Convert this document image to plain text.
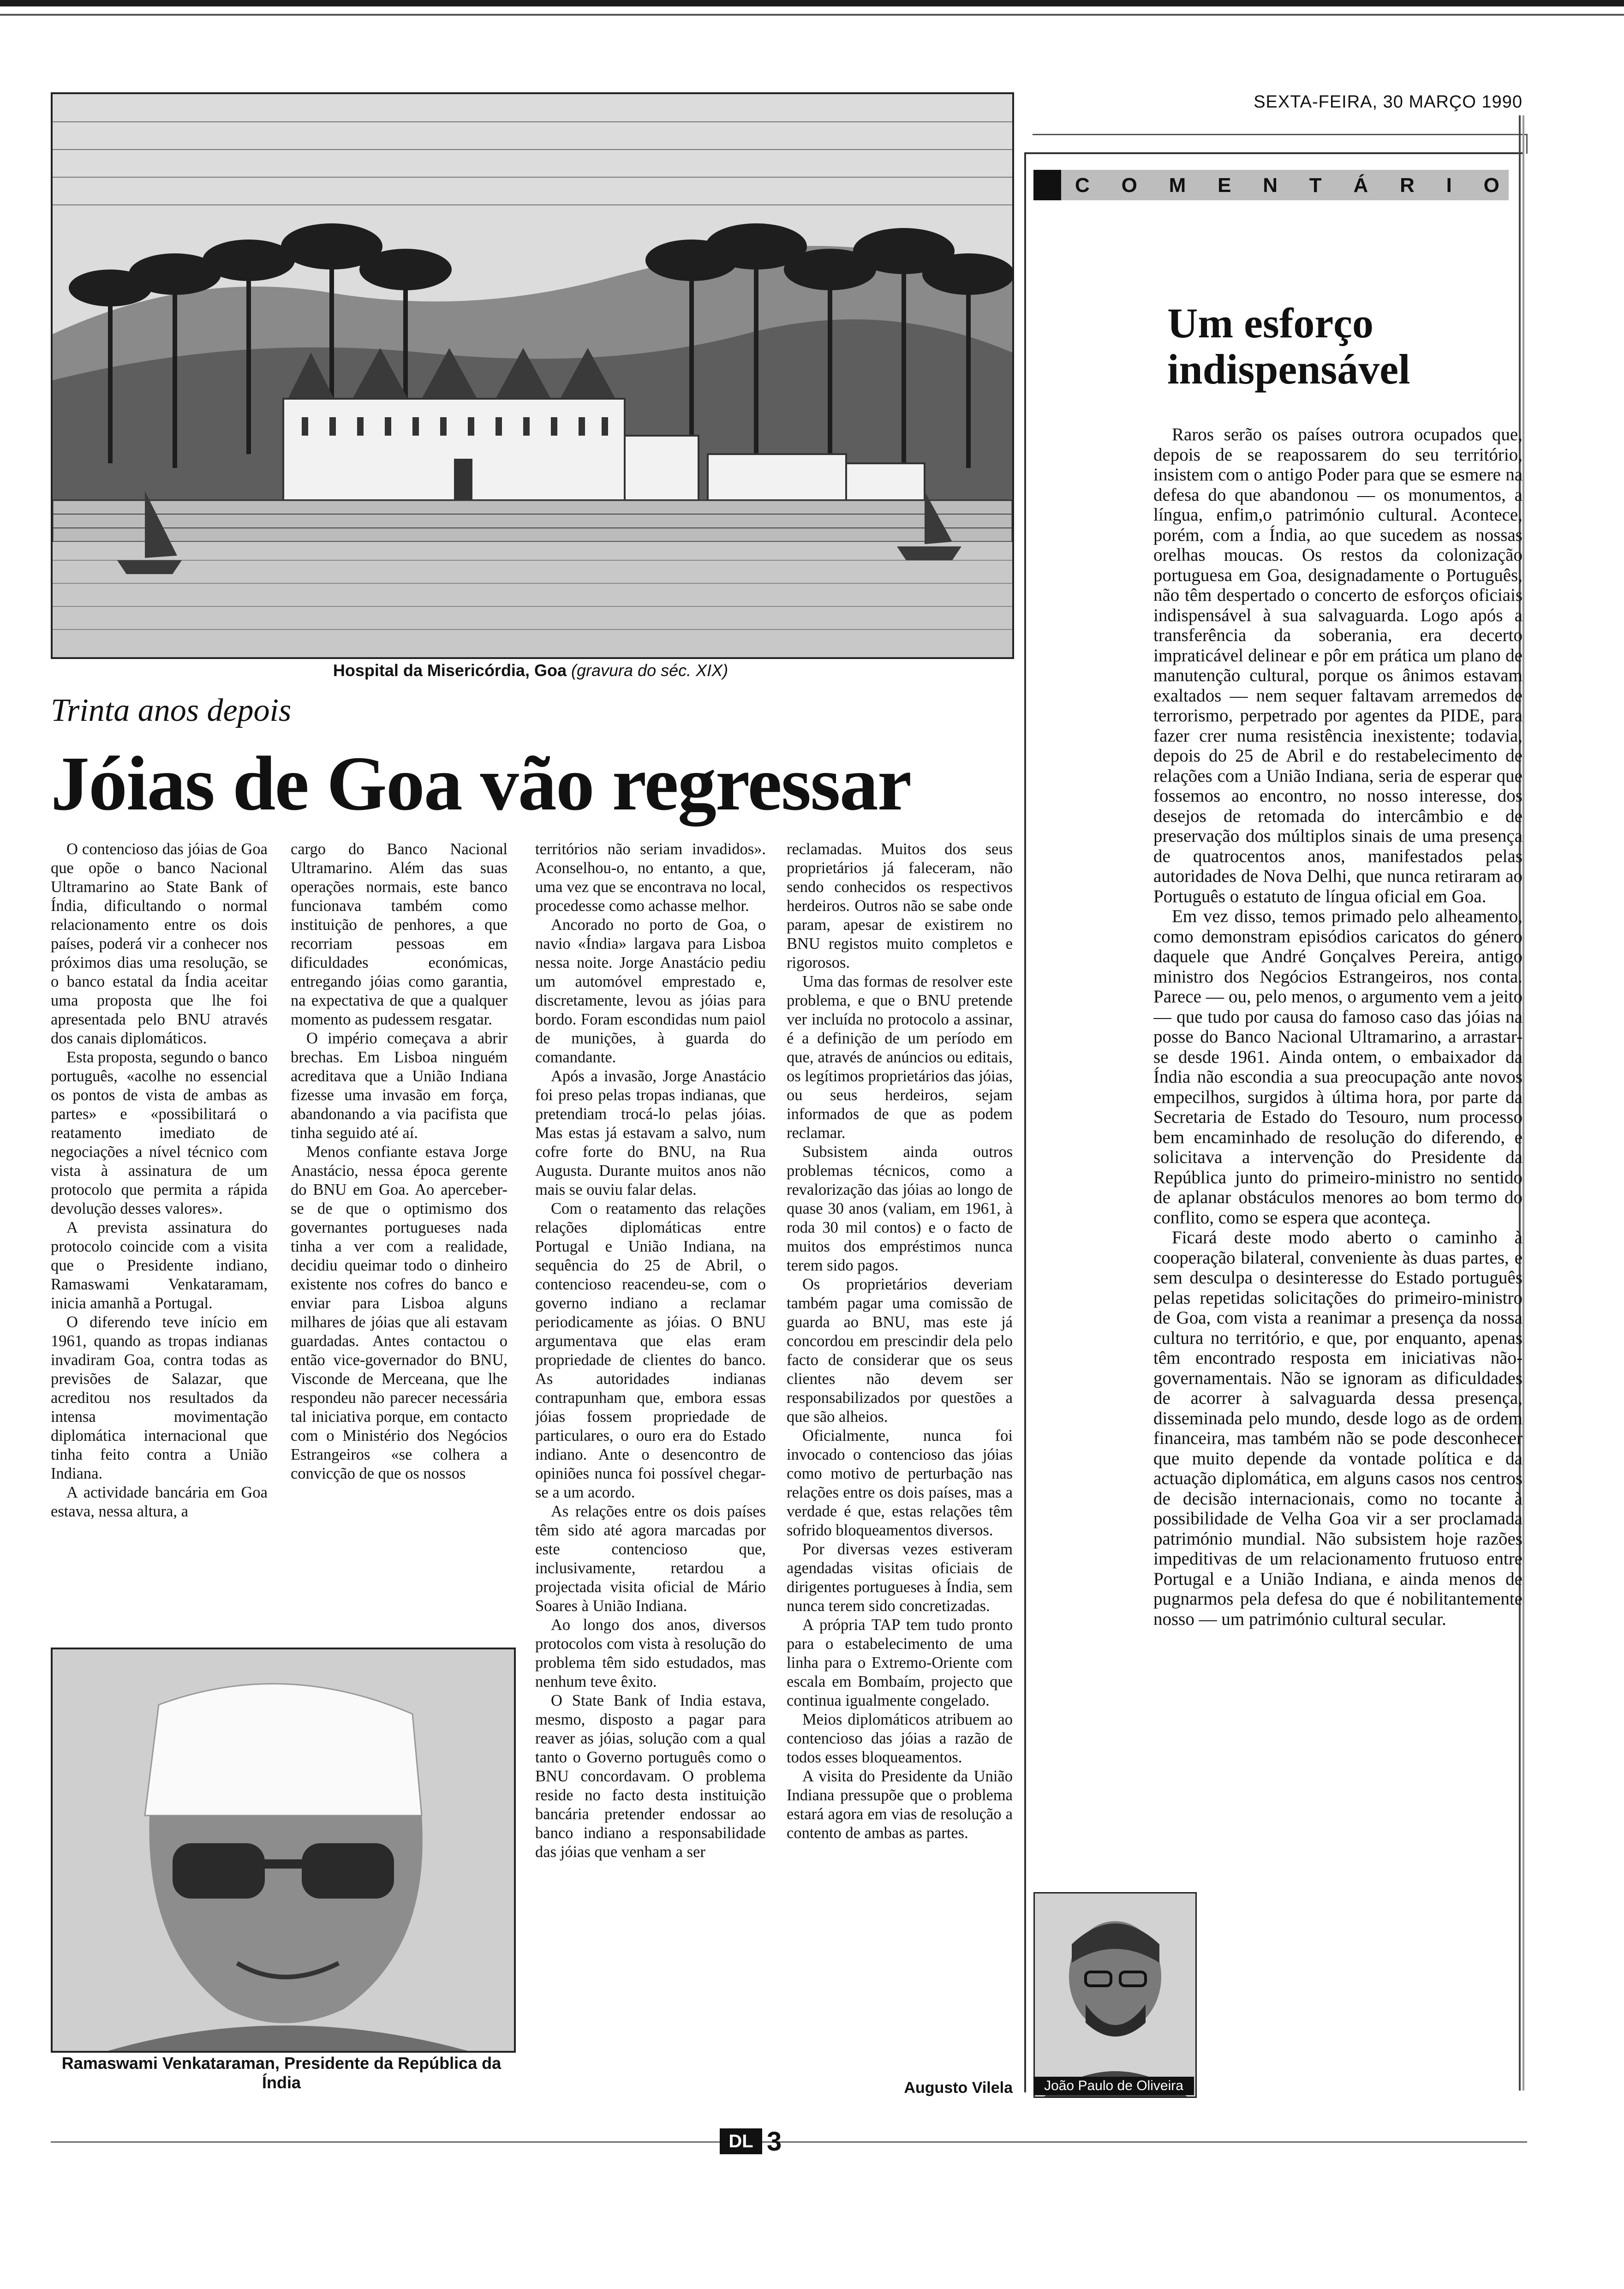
SEXTA-FEIRA, 30 MARÇO 1990
Hospital da Misericórdia, Goa (gravura do séc. XIX)
Trinta anos depois
Jóias de Goa vão regressar

O contencioso das jóias de Goa que opõe o banco Nacional Ultramarino ao State Bank of Índia, dificultando o normal relacionamento entre os dois países, poderá vir a conhecer nos próximos dias uma resolução, se o banco estatal da Índia aceitar uma proposta que lhe foi apresentada pelo BNU através dos canais diplomáticos.

Esta proposta, segundo o banco português, «acolhe no essencial os pontos de vista de ambas as partes» e «possibilitará o reatamento imediato de negociações a nível técnico com vista à assinatura de um protocolo que permita a rápida devolução desses valores».

A prevista assinatura do protocolo coincide com a visita que o Presidente indiano, Ramaswami Venkataramam, inicia amanhã a Portugal.

O diferendo teve início em 1961, quando as tropas indianas invadiram Goa, contra todas as previsões de Salazar, que acreditou nos resultados da intensa movimentação diplomática internacional que tinha feito contra a União Indiana.

A actividade bancária em Goa estava, nessa altura, a

cargo do Banco Nacional Ultramarino. Além das suas operações normais, este banco funcionava também como instituição de penhores, a que recorriam pessoas em dificuldades económicas, entregando jóias como garantia, na expectativa de que a qualquer momento as pudessem resgatar.

O império começava a abrir brechas. Em Lisboa ninguém acreditava que a União Indiana fizesse uma invasão em força, abandonando a via pacifista que tinha seguido até aí.

Menos confiante estava Jorge Anastácio, nessa época gerente do BNU em Goa. Ao aperceber-se de que o optimismo dos governantes portugueses nada tinha a ver com a realidade, decidiu queimar todo o dinheiro existente nos cofres do banco e enviar para Lisboa alguns milhares de jóias que ali estavam guardadas. Antes contactou o então vice-governador do BNU, Visconde de Merceana, que lhe respondeu não parecer necessária tal iniciativa porque, em contacto com o Ministério dos Negócios Estrangeiros «se colhera a convicção de que os nossos

territórios não seriam invadidos». Aconselhou-o, no entanto, a que, uma vez que se encontrava no local, procedesse como achasse melhor.

Ancorado no porto de Goa, o navio «Índia» largava para Lisboa nessa noite. Jorge Anastácio pediu um automóvel emprestado e, discretamente, levou as jóias para bordo. Foram escondidas num paiol de munições, à guarda do comandante.

Após a invasão, Jorge Anastácio foi preso pelas tropas indianas, que pretendiam trocá-lo pelas jóias. Mas estas já estavam a salvo, num cofre forte do BNU, na Rua Augusta. Durante muitos anos não mais se ouviu falar delas.

Com o reatamento das relações relações diplomáticas entre Portugal e União Indiana, na sequência do 25 de Abril, o contencioso reacendeu-se, com o governo indiano a reclamar periodicamente as jóias. O BNU argumentava que elas eram propriedade de clientes do banco. As autoridades indianas contrapunham que, embora essas jóias fossem propriedade de particulares, o ouro era do Estado indiano. Ante o desencontro de opiniões nunca foi possível chegar-se a um acordo.

As relações entre os dois países têm sido até agora marcadas por este contencioso que, inclusivamente, retardou a projectada visita oficial de Mário Soares à União Indiana.

Ao longo dos anos, diversos protocolos com vista à resolução do problema têm sido estudados, mas nenhum teve êxito.

O State Bank of India estava, mesmo, disposto a pagar para reaver as jóias, solução com a qual tanto o Governo português como o BNU concordavam. O problema reside no facto desta instituição bancária pretender endossar ao banco indiano a responsabilidade das jóias que venham a ser

reclamadas. Muitos dos seus proprietários já faleceram, não sendo conhecidos os respectivos herdeiros. Outros não se sabe onde param, apesar de existirem no BNU registos muito completos e rigorosos.

Uma das formas de resolver este problema, e que o BNU pretende ver incluída no protocolo a assinar, é a definição de um período em que, através de anúncios ou editais, os legítimos proprietários das jóias, ou seus herdeiros, sejam informados de que as podem reclamar.

Subsistem ainda outros problemas técnicos, como a revalorização das jóias ao longo de quase 30 anos (valiam, em 1961, à roda 30 mil contos) e o facto de muitos dos empréstimos nunca terem sido pagos.

Os proprietários deveriam também pagar uma comissão de guarda ao BNU, mas este já concordou em prescindir dela pelo facto de considerar que os seus clientes não devem ser responsabilizados por questões a que são alheios.

Oficialmente, nunca foi invocado o contencioso das jóias como motivo de perturbação nas relações entre os dois países, mas a verdade é que, estas relações têm sofrido bloqueamentos diversos.

Por diversas vezes estiveram agendadas visitas oficiais de dirigentes portugueses à Índia, sem nunca terem sido concretizadas.

A própria TAP tem tudo pronto para o estabelecimento de uma linha para o Extremo-Oriente com escala em Bombaím, projecto que continua igualmente congelado.

Meios diplomáticos atribuem ao contencioso das jóias a razão de todos esses bloqueamentos.

A visita do Presidente da União Indiana pressupõe que o problema estará agora em vias de resolução a contento de ambas as partes.

Augusto Vilela
Ramaswami Venkataraman, Presidente da República da Índia
C O M E N T Á R I O
Um esforço indispensável

Raros serão os países outrora ocupados que, depois de se reapossarem do seu território, insistem com o antigo Poder para que se esmere na defesa do que abandonou — os monumentos, a língua, enfim,o património cultural. Acontece, porém, com a Índia, ao que sucedem as nossas orelhas moucas. Os restos da colonização portuguesa em Goa, designadamente o Português, não têm despertado o concerto de esforços oficiais indispensável à sua salvaguarda. Logo após a transferência da soberania, era decerto impraticável delinear e pôr em prática um plano de manutenção cultural, porque os ânimos estavam exaltados — nem sequer faltavam arremedos de terrorismo, perpetrado por agentes da PIDE, para fazer crer numa resistência inexistente; todavia, depois do 25 de Abril e do restabelecimento de relações com a União Indiana, seria de esperar que fossemos ao encontro, no nosso interesse, dos desejos de retomada do intercâmbio e de preservação dos múltiplos sinais de uma presença de quatrocentos anos, manifestados pelas autoridades de Nova Delhi, que nunca retiraram ao Português o estatuto de língua oficial em Goa.

Em vez disso, temos primado pelo alheamento, como demonstram episódios caricatos do género daquele que André Gonçalves Pereira, antigo ministro dos Negócios Estrangeiros, nos conta. Parece — ou, pelo menos, o argumento vem a jeito — que tudo por causa do famoso caso das jóias na posse do Banco Nacional Ultramarino, a arrastar-se desde 1961. Ainda ontem, o embaixador da Índia não escondia a sua preocupação ante novos empecilhos, surgidos à última hora, por parte da Secretaria de Estado do Tesouro, num processo bem encaminhado de resolução do diferendo, e solicitava a intervenção do Presidente da República junto do primeiro-ministro no sentido de aplanar obstáculos menores ao bom termo do conflito, como se espera que aconteça.

Ficará deste modo aberto o caminho à cooperação bilateral, conveniente às duas partes, e sem desculpa o desinteresse do Estado português pelas repetidas solicitações do primeiro-ministro de Goa, com vista a reanimar a presença da nossa cultura no território, e que, por enquanto, apenas têm encontrado resposta em iniciativas não-governamentais. Não se ignoram as dificuldades de acorrer à salvaguarda dessa presença, disseminada pelo mundo, desde logo as de ordem financeira, mas também não se pode desconhecer que muito depende da vontade política e da actuação diplomática, em alguns casos nos centros de decisão internacionais, como no tocante à possibilidade de Velha Goa vir a ser proclamada património mundial. Não subsistem hoje razões impeditivas de um relacionamento frutuoso entre Portugal e a União Indiana, e ainda menos de pugnarmos pela defesa do que é nobilitantemente nosso — um património cultural secular.

João Paulo de Oliveira
DL 3
